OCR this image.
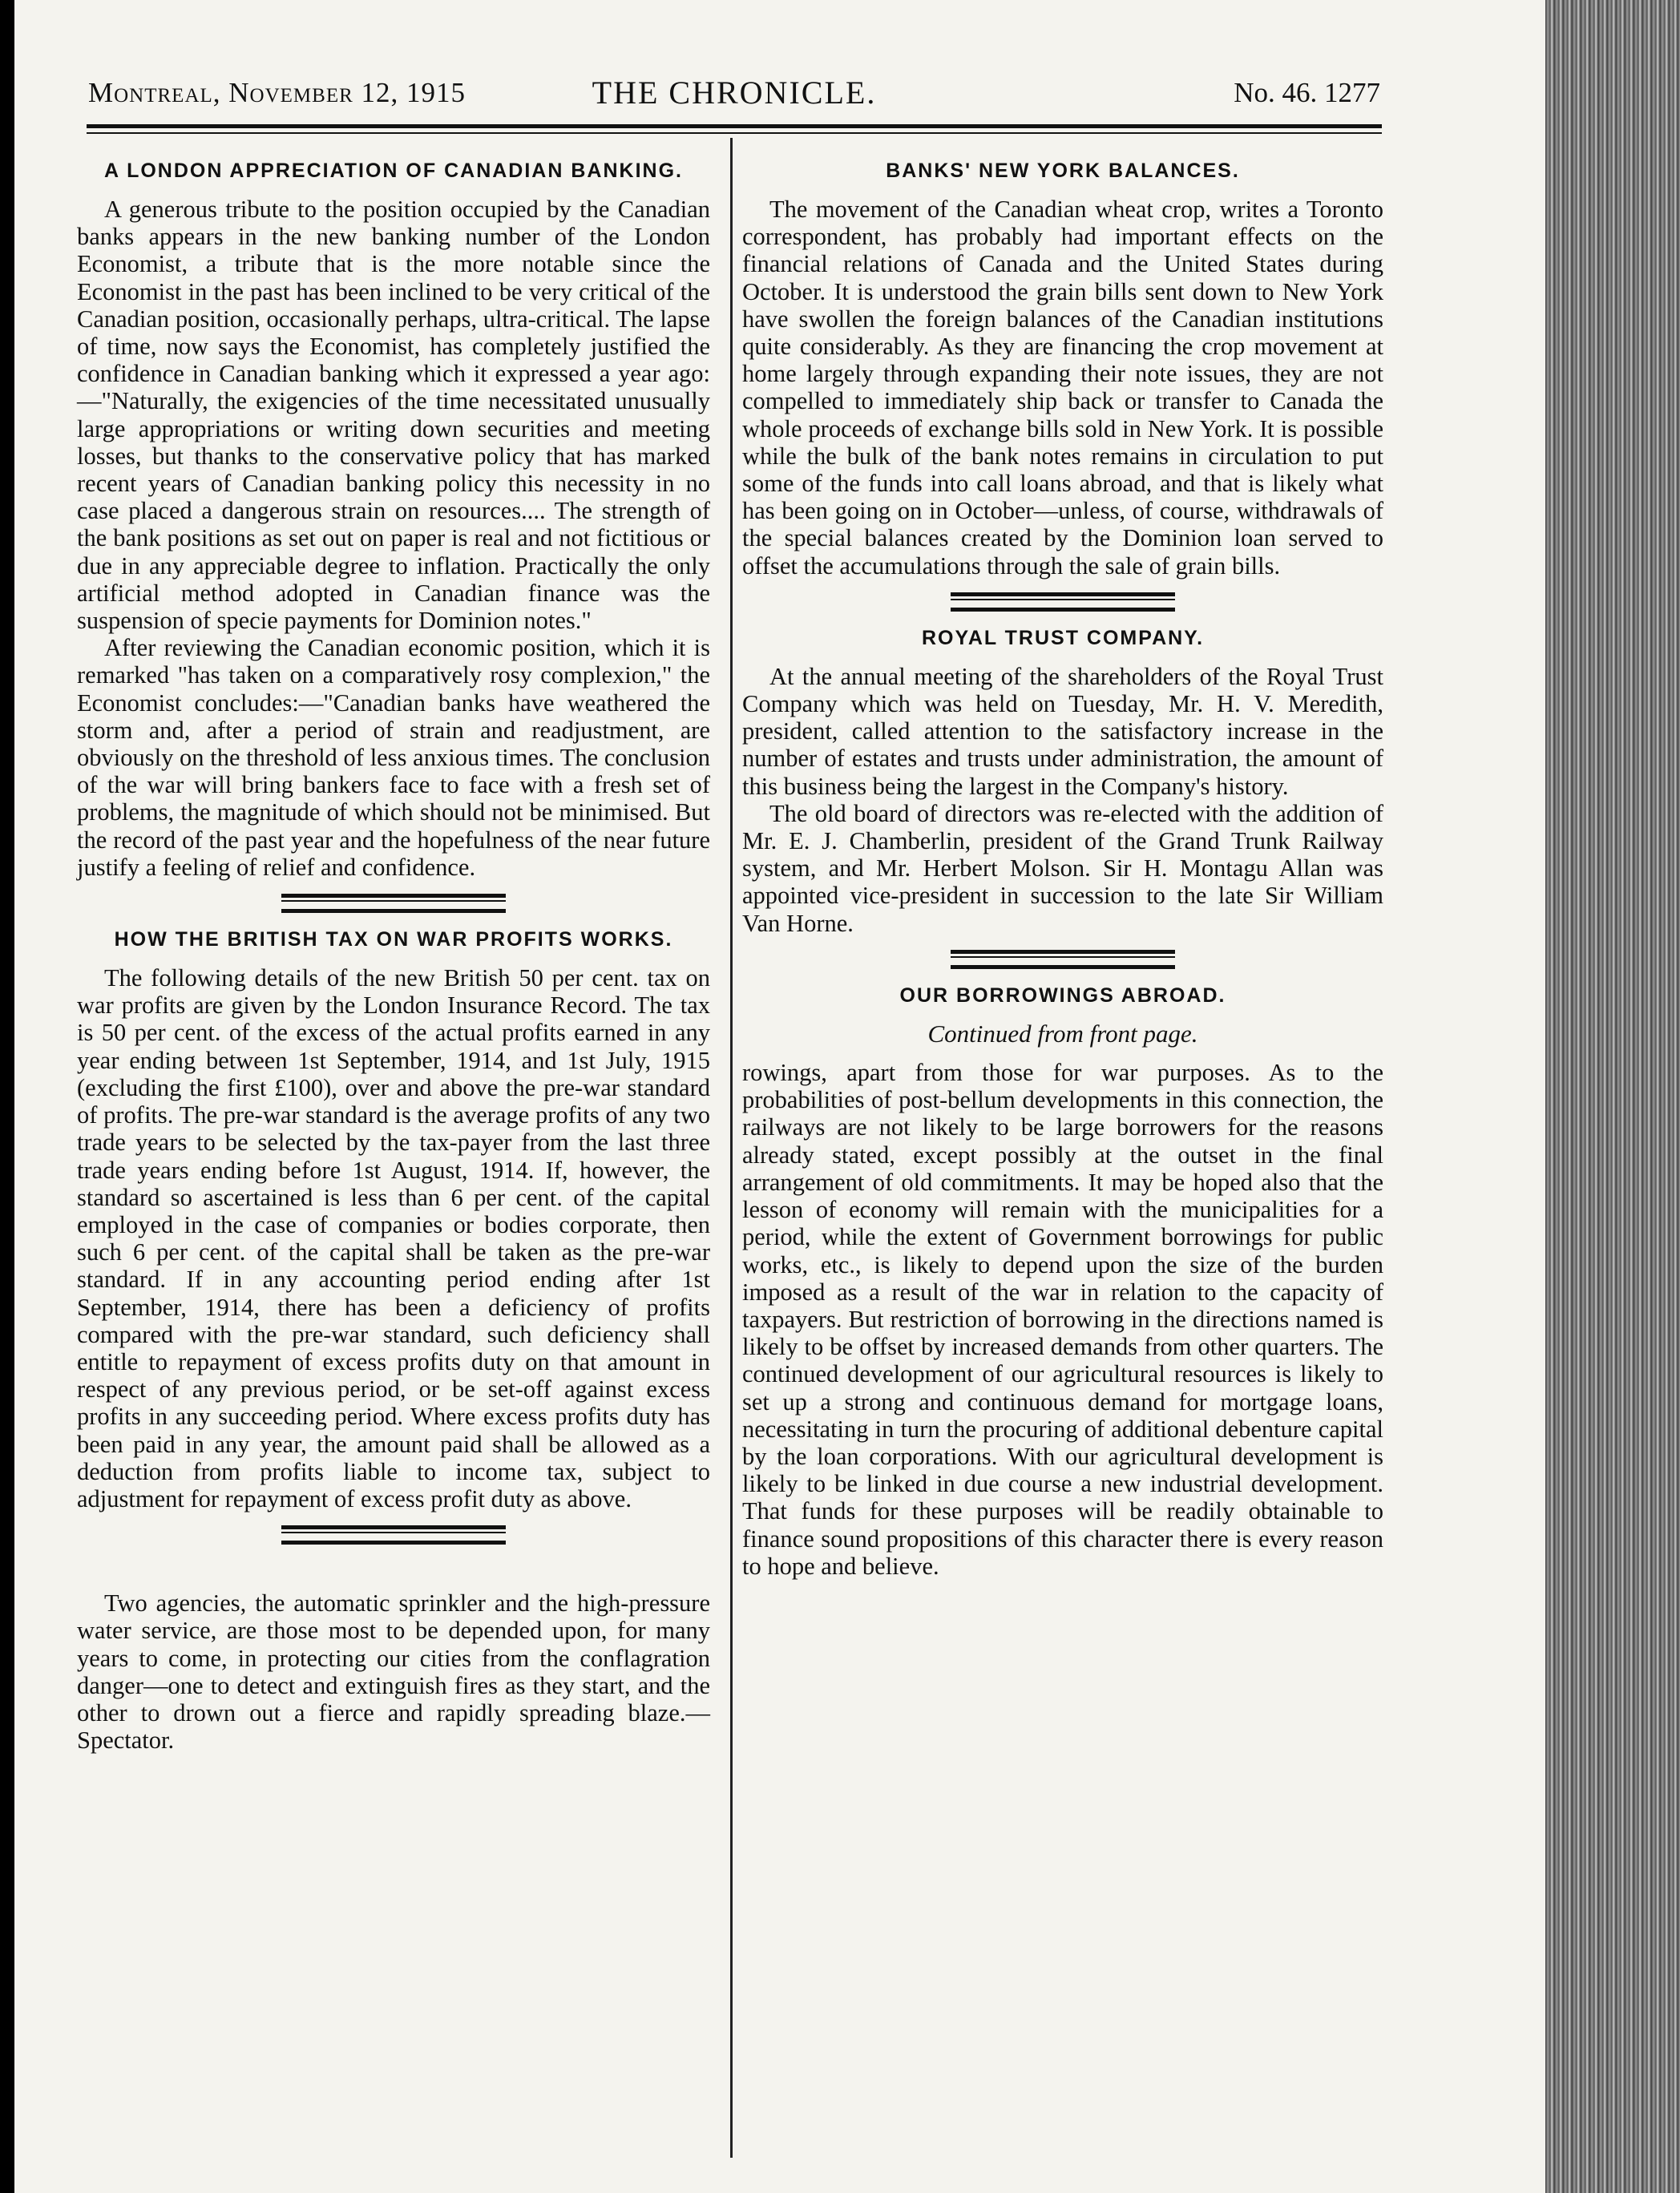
Montreal, November 12, 1915	THE CHRONICLE.	No. 46. 1277
A LONDON APPRECIATION OF CANADIAN BANKING.

A generous tribute to the position occupied by the Canadian banks appears in the new banking number of the London Economist, a tribute that is the more notable since the Economist in the past has been inclined to be very critical of the Canadian position, occasionally perhaps, ultra-critical. The lapse of time, now says the Economist, has completely justified the confidence in Canadian banking which it expressed a year ago:—"Naturally, the exigencies of the time necessitated unusually large appropriations or writing down securities and meeting losses, but thanks to the conservative policy that has marked recent years of Canadian banking policy this necessity in no case placed a dangerous strain on resources.... The strength of the bank positions as set out on paper is real and not fictitious or due in any appreciable degree to inflation. Practically the only artificial method adopted in Canadian finance was the suspension of specie payments for Dominion notes."

After reviewing the Canadian economic position, which it is remarked "has taken on a comparatively rosy complexion," the Economist concludes:—"Canadian banks have weathered the storm and, after a period of strain and readjustment, are obviously on the threshold of less anxious times. The conclusion of the war will bring bankers face to face with a fresh set of problems, the magnitude of which should not be minimised. But the record of the past year and the hopefulness of the near future justify a feeling of relief and confidence.

HOW THE BRITISH TAX ON WAR PROFITS WORKS.

The following details of the new British 50 per cent. tax on war profits are given by the London Insurance Record. The tax is 50 per cent. of the excess of the actual profits earned in any year ending between 1st September, 1914, and 1st July, 1915 (excluding the first £100), over and above the pre-war standard of profits. The pre-war standard is the average profits of any two trade years to be selected by the tax-payer from the last three trade years ending before 1st August, 1914. If, however, the standard so ascertained is less than 6 per cent. of the capital employed in the case of companies or bodies corporate, then such 6 per cent. of the capital shall be taken as the pre-war standard. If in any accounting period ending after 1st September, 1914, there has been a deficiency of profits compared with the pre-war standard, such deficiency shall entitle to repayment of excess profits duty on that amount in respect of any previous period, or be set-off against excess profits in any succeeding period. Where excess profits duty has been paid in any year, the amount paid shall be allowed as a deduction from profits liable to income tax, subject to adjustment for repayment of excess profit duty as above.

Two agencies, the automatic sprinkler and the high-pressure water service, are those most to be depended upon, for many years to come, in protecting our cities from the conflagration danger—one to detect and extinguish fires as they start, and the other to drown out a fierce and rapidly spreading blaze.—Spectator.

BANKS' NEW YORK BALANCES.

The movement of the Canadian wheat crop, writes a Toronto correspondent, has probably had important effects on the financial relations of Canada and the United States during October. It is understood the grain bills sent down to New York have swollen the foreign balances of the Canadian institutions quite considerably. As they are financing the crop movement at home largely through expanding their note issues, they are not compelled to immediately ship back or transfer to Canada the whole proceeds of exchange bills sold in New York. It is possible while the bulk of the bank notes remains in circulation to put some of the funds into call loans abroad, and that is likely what has been going on in October—unless, of course, withdrawals of the special balances created by the Dominion loan served to offset the accumulations through the sale of grain bills.

ROYAL TRUST COMPANY.

At the annual meeting of the shareholders of the Royal Trust Company which was held on Tuesday, Mr. H. V. Meredith, president, called attention to the satisfactory increase in the number of estates and trusts under administration, the amount of this business being the largest in the Company's history.

The old board of directors was re-elected with the addition of Mr. E. J. Chamberlin, president of the Grand Trunk Railway system, and Mr. Herbert Molson. Sir H. Montagu Allan was appointed vice-president in succession to the late Sir William Van Horne.

OUR BORROWINGS ABROAD.
Continued from front page.

rowings, apart from those for war purposes. As to the probabilities of post-bellum developments in this connection, the railways are not likely to be large borrowers for the reasons already stated, except possibly at the outset in the final arrangement of old commitments. It may be hoped also that the lesson of economy will remain with the municipalities for a period, while the extent of Government borrowings for public works, etc., is likely to depend upon the size of the burden imposed as a result of the war in relation to the capacity of taxpayers. But restriction of borrowing in the directions named is likely to be offset by increased demands from other quarters. The continued development of our agricultural resources is likely to set up a strong and continuous demand for mortgage loans, necessitating in turn the procuring of additional debenture capital by the loan corporations. With our agricultural development is likely to be linked in due course a new industrial development. That funds for these purposes will be readily obtainable to finance sound propositions of this character there is every reason to hope and believe.
